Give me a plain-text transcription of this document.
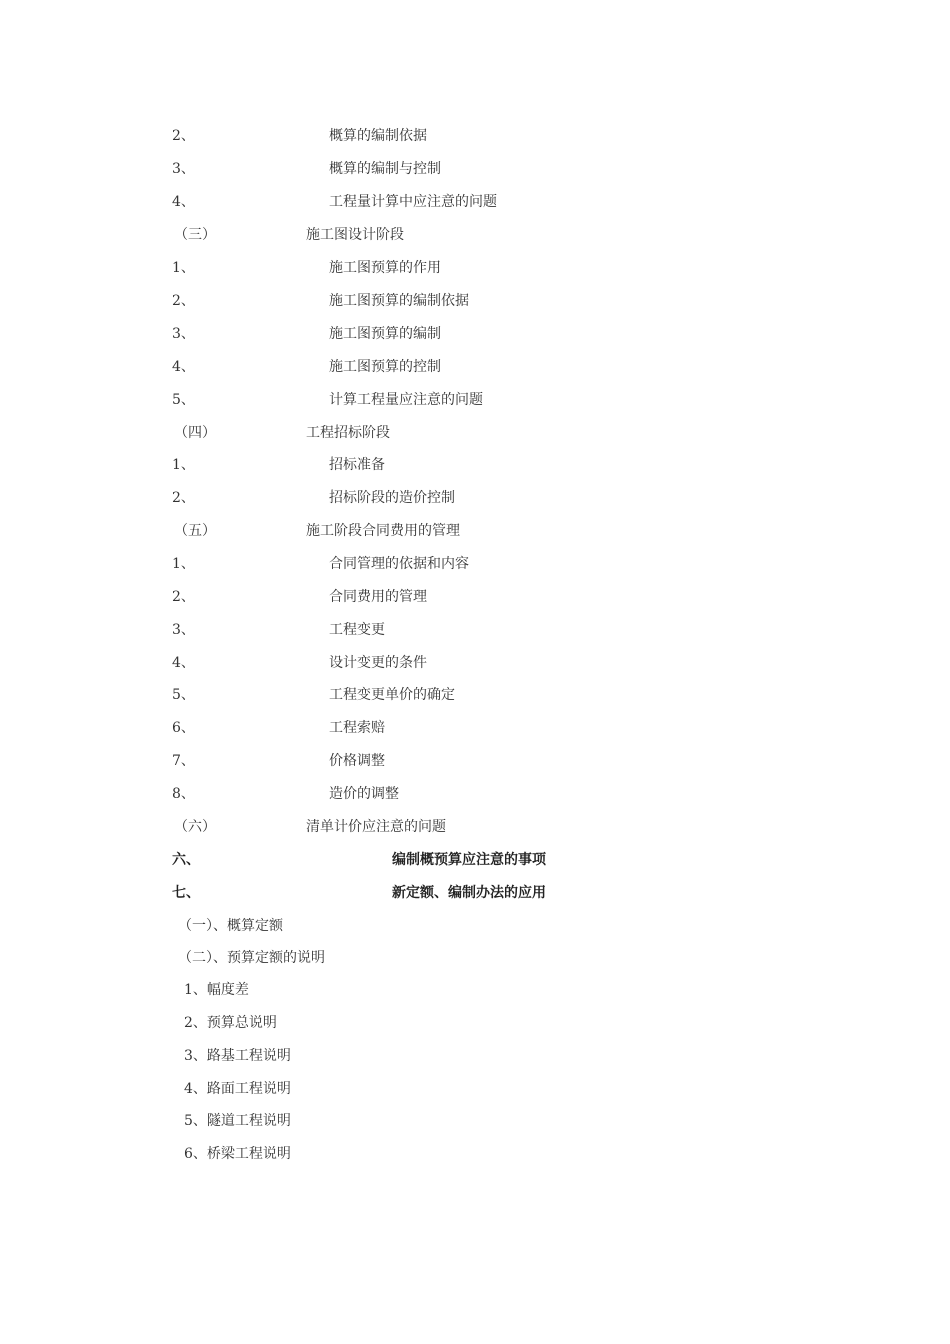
2、	概算的编制依据
3、	概算的编制与控制
4、	工程量计算中应注意的问题
（三）	施工图设计阶段
1、	施工图预算的作用
2、	施工图预算的编制依据
3、	施工图预算的编制
4、	施工图预算的控制
5、	计算工程量应注意的问题
（四）	工程招标阶段
1、	招标准备
2、	招标阶段的造价控制
（五）	施工阶段合同费用的管理
1、	合同管理的依据和内容
2、	合同费用的管理
3、	工程变更
4、	设计变更的条件
5、	工程变更单价的确定
6、	工程索赔
7、	价格调整
8、	造价的调整
（六）	清单计价应注意的问题
六、	编制概预算应注意的事项
七、	新定额、编制办法的应用
（一）、概算定额
（二）、预算定额的说明
1、幅度差
2、预算总说明
3、路基工程说明
4、路面工程说明
5、隧道工程说明
6、桥梁工程说明
